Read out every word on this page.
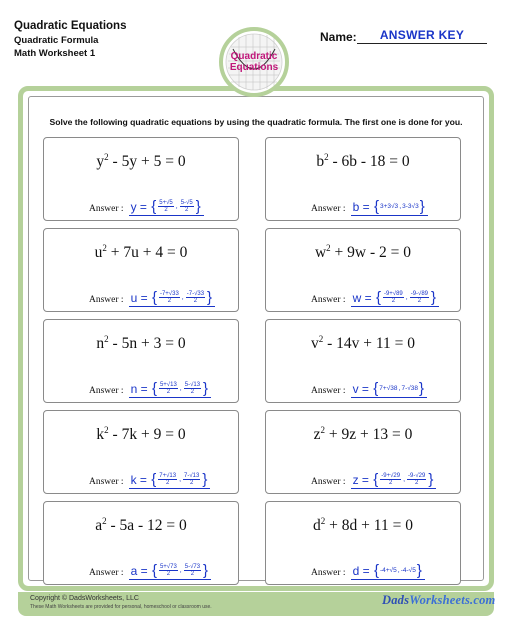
Quadratic Equations
Quadratic Formula
Math Worksheet 1
Name:	ANSWER KEY
Solve the following quadratic equations by using the quadratic formula. The first one is done for you.
$y^2 - 5y + 5 = 0$
Answer : y = { $\frac{5+√5}{2}$ , $\frac{5-√5}{2}$ }
$b^2 - 6b - 18 = 0$
Answer : b = { 3+3√3 , 3-3√3 }
$u^2 + 7u + 4 = 0$
Answer : u = { $\frac{-7+√33}{2}$ , $\frac{-7-√33}{2}$ }
$w^2 + 9w - 2 = 0$
Answer : w = { $\frac{-9+√89}{2}$ , $\frac{-9-√89}{2}$ }
$n^2 - 5n + 3 = 0$
Answer : n = { $\frac{5+√13}{2}$ , $\frac{5-√13}{2}$ }
$v^2 - 14v + 11 = 0$
Answer : v = { 7+√38 , 7-√38 }
$k^2 - 7k + 9 = 0$
Answer : k = { $\frac{7+√13}{2}$ , $\frac{7-√13}{2}$ }
$z^2 + 9z + 13 = 0$
Answer : z = { $\frac{-9+√29}{2}$ , $\frac{-9-√29}{2}$ }
$a^2 - 5a - 12 = 0$
Answer : a = { $\frac{5+√73}{2}$ , $\frac{5-√73}{2}$ }
$d^2 + 8d + 11 = 0$
Answer : d = { -4+√5 , -4-√5 }
Quadratic
Equations
Copyright © DadsWorksheets, LLC
These Math Worksheets are provided for personal, homeschool or classroom use.	DadsWorksheets.com
